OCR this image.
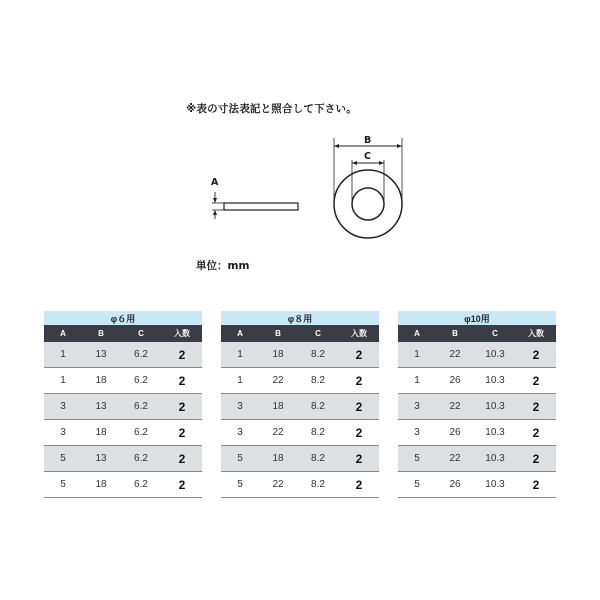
※表の寸法表記と照合して下さい。
A
B
C
単位：mm
φ６用			
A	B	C	入数
1	13	6.2	2
1	18	6.2	2
3	13	6.2	2
3	18	6.2	2
5	13	6.2	2
5	18	6.2	2
φ８用			
A	B	C	入数
1	18	8.2	2
1	22	8.2	2
3	18	8.2	2
3	22	8.2	2
5	18	8.2	2
5	22	8.2	2
φ10用			
A	B	C	入数
1	22	10.3	2
1	26	10.3	2
3	22	10.3	2
3	26	10.3	2
5	22	10.3	2
5	26	10.3	2
